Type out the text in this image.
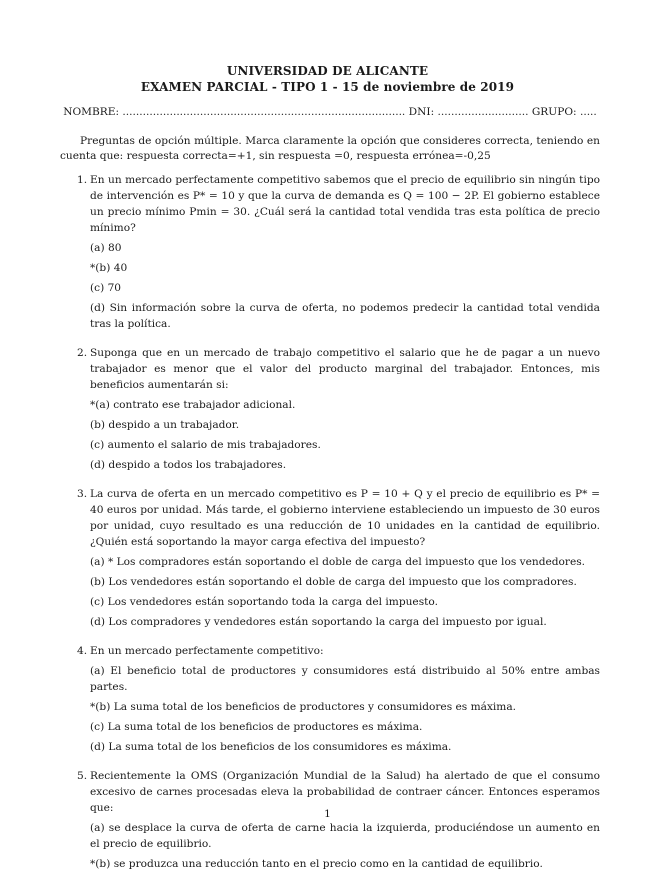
UNIVERSIDAD DE ALICANTE
EXAMEN PARCIAL - TIPO 1 - 15 de noviembre de 2019
NOMBRE: .................................................................................... DNI: ........................... GRUPO: .....
Preguntas de opción múltiple. Marca claramente la opción que consideres correcta, teniendo en cuenta que: respuesta correcta=+1, sin respuesta =0, respuesta errónea=-0,25
1. En un mercado perfectamente competitivo sabemos que el precio de equilibrio sin ningún tipo de intervención es P* = 10 y que la curva de demanda es Q = 100 − 2P. El gobierno establece un precio mínimo Pmin = 30. ¿Cuál será la cantidad total vendida tras esta política de precio mínimo?

(a) 80

*(b) 40

(c) 70

(d) Sin información sobre la curva de oferta, no podemos predecir la cantidad total vendida tras la política.

2. Suponga que en un mercado de trabajo competitivo el salario que he de pagar a un nuevo trabajador es menor que el valor del producto marginal del trabajador. Entonces, mis beneficios aumentarán si:

*(a) contrato ese trabajador adicional.

(b) despido a un trabajador.

(c) aumento el salario de mis trabajadores.

(d) despido a todos los trabajadores.

3. La curva de oferta en un mercado competitivo es P = 10 + Q y el precio de equilibrio es P* = 40 euros por unidad. Más tarde, el gobierno interviene estableciendo un impuesto de 30 euros por unidad, cuyo resultado es una reducción de 10 unidades en la cantidad de equilibrio. ¿Quién está soportando la mayor carga efectiva del impuesto?

(a) * Los compradores están soportando el doble de carga del impuesto que los vendedores.

(b) Los vendedores están soportando el doble de carga del impuesto que los compradores.

(c) Los vendedores están soportando toda la carga del impuesto.

(d) Los compradores y vendedores están soportando la carga del impuesto por igual.

4. En un mercado perfectamente competitivo:

(a) El beneficio total de productores y consumidores está distribuido al 50% entre ambas partes.

*(b) La suma total de los beneficios de productores y consumidores es máxima.

(c) La suma total de los beneficios de productores es máxima.

(d) La suma total de los beneficios de los consumidores es máxima.

5. Recientemente la OMS (Organización Mundial de la Salud) ha alertado de que el consumo excesivo de carnes procesadas eleva la probabilidad de contraer cáncer. Entonces esperamos que:

(a) se desplace la curva de oferta de carne hacia la izquierda, produciéndose un aumento en el precio de equilibrio.

*(b) se produzca una reducción tanto en el precio como en la cantidad de equilibrio.

1
